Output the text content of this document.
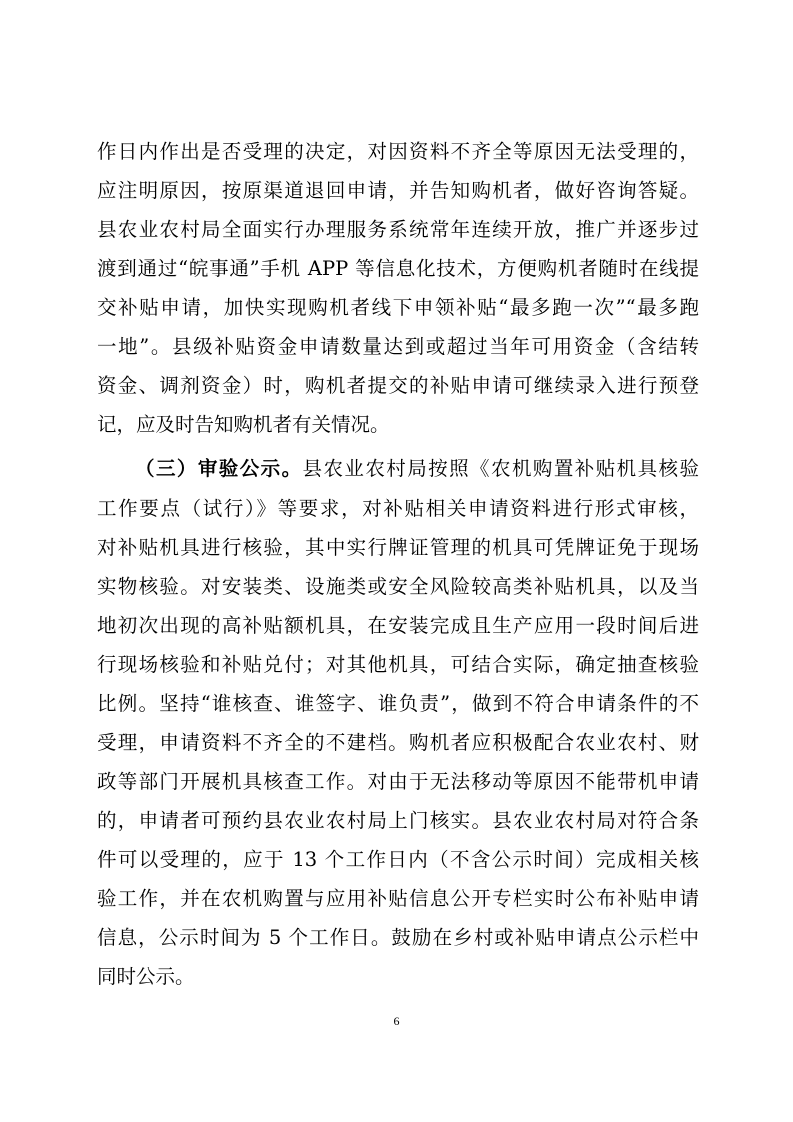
作日内作出是否受理的决定，对因资料不齐全等原因无法受理的，
应注明原因，按原渠道退回申请，并告知购机者，做好咨询答疑。
县农业农村局全面实行办理服务系统常年连续开放，推广并逐步过
渡到通过“皖事通”手机 APP 等信息化技术，方便购机者随时在线提
交补贴申请，加快实现购机者线下申领补贴“最多跑一次”“最多跑
一地”。县级补贴资金申请数量达到或超过当年可用资金（含结转
资金、调剂资金）时，购机者提交的补贴申请可继续录入进行预登
记，应及时告知购机者有关情况。
（三）审验公示。县农业农村局按照《农机购置补贴机具核验
工作要点（试行）》等要求，对补贴相关申请资料进行形式审核，
对补贴机具进行核验，其中实行牌证管理的机具可凭牌证免于现场
实物核验。对安装类、设施类或安全风险较高类补贴机具，以及当
地初次出现的高补贴额机具，在安装完成且生产应用一段时间后进
行现场核验和补贴兑付；对其他机具，可结合实际，确定抽查核验
比例。坚持“谁核查、谁签字、谁负责”，做到不符合申请条件的不
受理，申请资料不齐全的不建档。购机者应积极配合农业农村、财
政等部门开展机具核查工作。对由于无法移动等原因不能带机申请
的，申请者可预约县农业农村局上门核实。县农业农村局对符合条
件可以受理的，应于 13 个工作日内（不含公示时间）完成相关核
验工作，并在农机购置与应用补贴信息公开专栏实时公布补贴申请
信息，公示时间为 5 个工作日。鼓励在乡村或补贴申请点公示栏中
同时公示。
6
